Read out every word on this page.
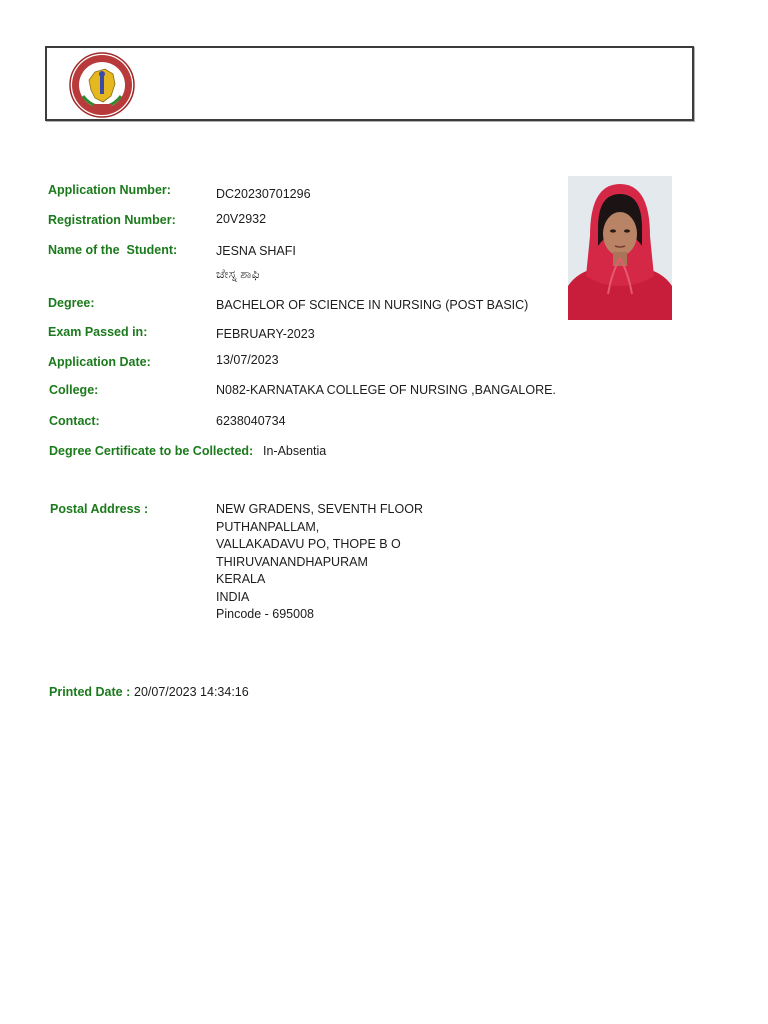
Application Number:
Registration Number:
Name of the  Student:
Degree:
Exam Passed in:
Application Date:
College:
Contact:
Degree Certificate to be Collected:
DC20230701296
20V2932
JESNA SHAFI
ಜೇಸ್ನ ಶಾಫಿ
BACHELOR OF SCIENCE IN NURSING (POST BASIC)
FEBRUARY-2023
13/07/2023
N082-KARNATAKA COLLEGE OF NURSING ,BANGALORE.
6238040734
In-Absentia
Postal Address :	NEW GRADENS, SEVENTH FLOOR
PUTHANPALLAM,
VALLAKADAVU PO, THOPE B O
THIRUVANANDHAPURAM
KERALA
INDIA
Pincode - 695008
Printed Date : 20/07/2023 14:34:16
